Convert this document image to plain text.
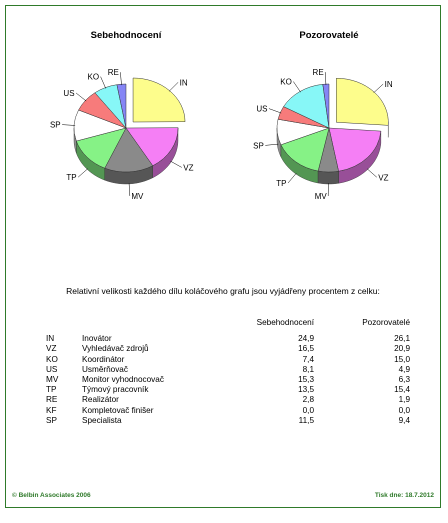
Sebehodnocení	Pozorovatelé
IN
VZ
MV
TP
SP
US
KO RE
IN
VZ
MV
TP
SP
US
KO
RE
Relativní velikosti každého dílu koláčového grafu jsou vyjádřeny procentem z celku:
		Sebehodnocení	Pozorovatelé
IN	Inovátor	24,9	26,1
VZ	Vyhledávač zdrojů	16,5	20,9
KO	Koordinátor	7,4	15,0
US	Usměrňovač	8,1	4,9
MV	Monitor vyhodnocovač	15,3	6,3
TP	Týmový pracovník	13,5	15,4
RE	Realizátor	2,8	1,9
KF	Kompletovač finišer	0,0	0,0
SP	Specialista	11,5	9,4
© Belbin Associates 2006	Tisk dne: 18.7.2012
